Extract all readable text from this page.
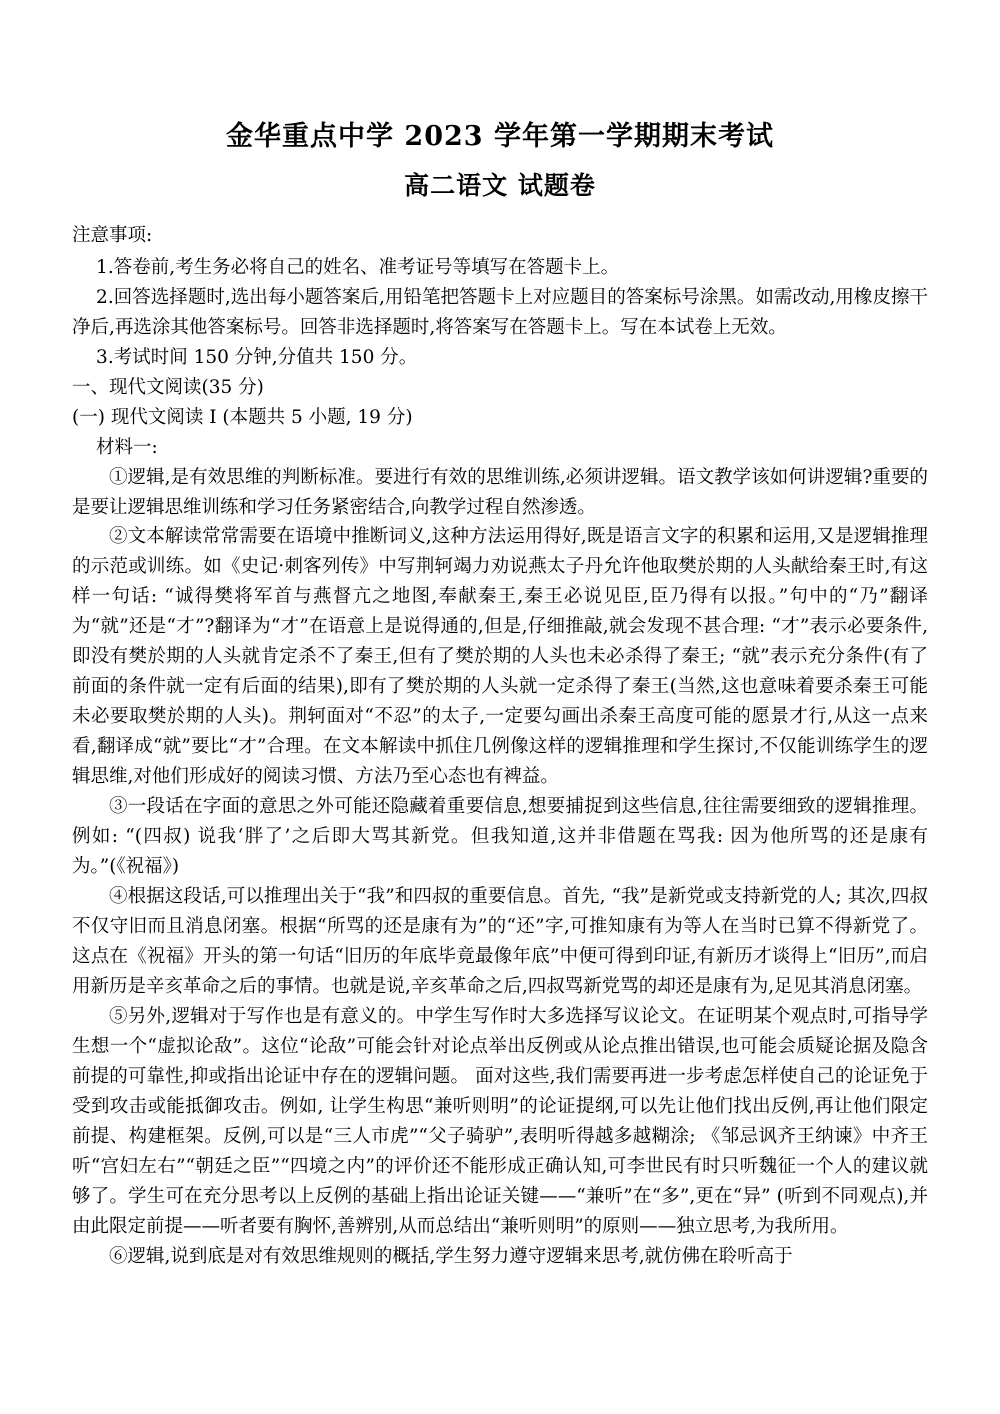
金华重点中学 2023 学年第一学期期末考试
高二语文 试题卷
注意事项:

1.答卷前,考生务必将自己的姓名、准考证号等填写在答题卡上。

2.回答选择题时,选出每小题答案后,用铅笔把答题卡上对应题目的答案标号涂黑。如需改动,用橡皮擦干净后,再选涂其他答案标号。回答非选择题时,将答案写在答题卡上。写在本试卷上无效。

3.考试时间 150 分钟,分值共 150 分。

一、现代文阅读(35 分)

(一) 现代文阅读 I (本题共 5 小题, 19 分)

材料一:

①逻辑,是有效思维的判断标准。要进行有效的思维训练,必须讲逻辑。语文教学该如何讲逻辑?重要的是要让逻辑思维训练和学习任务紧密结合,向教学过程自然渗透。

②文本解读常常需要在语境中推断词义,这种方法运用得好,既是语言文字的积累和运用,又是逻辑推理的示范或训练。如《史记·刺客列传》中写荆轲竭力劝说燕太子丹允许他取樊於期的人头献给秦王时,有这样一句话: “诚得樊将军首与燕督亢之地图,奉献秦王,秦王必说见臣,臣乃得有以报。”句中的“乃”翻译为“就”还是“才”?翻译为“才”在语意上是说得通的,但是,仔细推敲,就会发现不甚合理: “才”表示必要条件,即没有樊於期的人头就肯定杀不了秦王,但有了樊於期的人头也未必杀得了秦王; “就”表示充分条件(有了前面的条件就一定有后面的结果),即有了樊於期的人头就一定杀得了秦王(当然,这也意味着要杀秦王可能未必要取樊於期的人头)。荆轲面对“不忍”的太子,一定要勾画出杀秦王高度可能的愿景才行,从这一点来看,翻译成“就”要比“才”合理。在文本解读中抓住几例像这样的逻辑推理和学生探讨,不仅能训练学生的逻辑思维,对他们形成好的阅读习惯、方法乃至心态也有裨益。

③一段话在字面的意思之外可能还隐藏着重要信息,想要捕捉到这些信息,往往需要细致的逻辑推理。例如: “(四叔) 说我‘胖了’之后即大骂其新党。但我知道,这并非借题在骂我: 因为他所骂的还是康有为。”(《祝福》)

④根据这段话,可以推理出关于“我”和四叔的重要信息。首先, “我”是新党或支持新党的人; 其次,四叔不仅守旧而且消息闭塞。根据“所骂的还是康有为”的“还”字,可推知康有为等人在当时已算不得新党了。这点在《祝福》开头的第一句话“旧历的年底毕竟最像年底”中便可得到印证,有新历才谈得上“旧历”,而启用新历是辛亥革命之后的事情。也就是说,辛亥革命之后,四叔骂新党骂的却还是康有为,足见其消息闭塞。

⑤另外,逻辑对于写作也是有意义的。中学生写作时大多选择写议论文。在证明某个观点时,可指导学生想一个“虚拟论敌”。这位“论敌”可能会针对论点举出反例或从论点推出错误,也可能会质疑论据及隐含前提的可靠性,抑或指出论证中存在的逻辑问题。 面对这些,我们需要再进一步考虑怎样使自己的论证免于受到攻击或能抵御攻击。例如, 让学生构思“兼听则明”的论证提纲,可以先让他们找出反例,再让他们限定前提、构建框架。反例,可以是“三人市虎”“父子骑驴”,表明听得越多越糊涂; 《邹忌讽齐王纳谏》中齐王听“宫妇左右”“朝廷之臣”“四境之内”的评价还不能形成正确认知,可李世民有时只听魏征一个人的建议就够了。学生可在充分思考以上反例的基础上指出论证关键——“兼听”在“多”,更在“异” (听到不同观点),并由此限定前提——听者要有胸怀,善辨别,从而总结出“兼听则明”的原则——独立思考,为我所用。

⑥逻辑,说到底是对有效思维规则的概括,学生努力遵守逻辑来思考,就仿佛在聆听高于
